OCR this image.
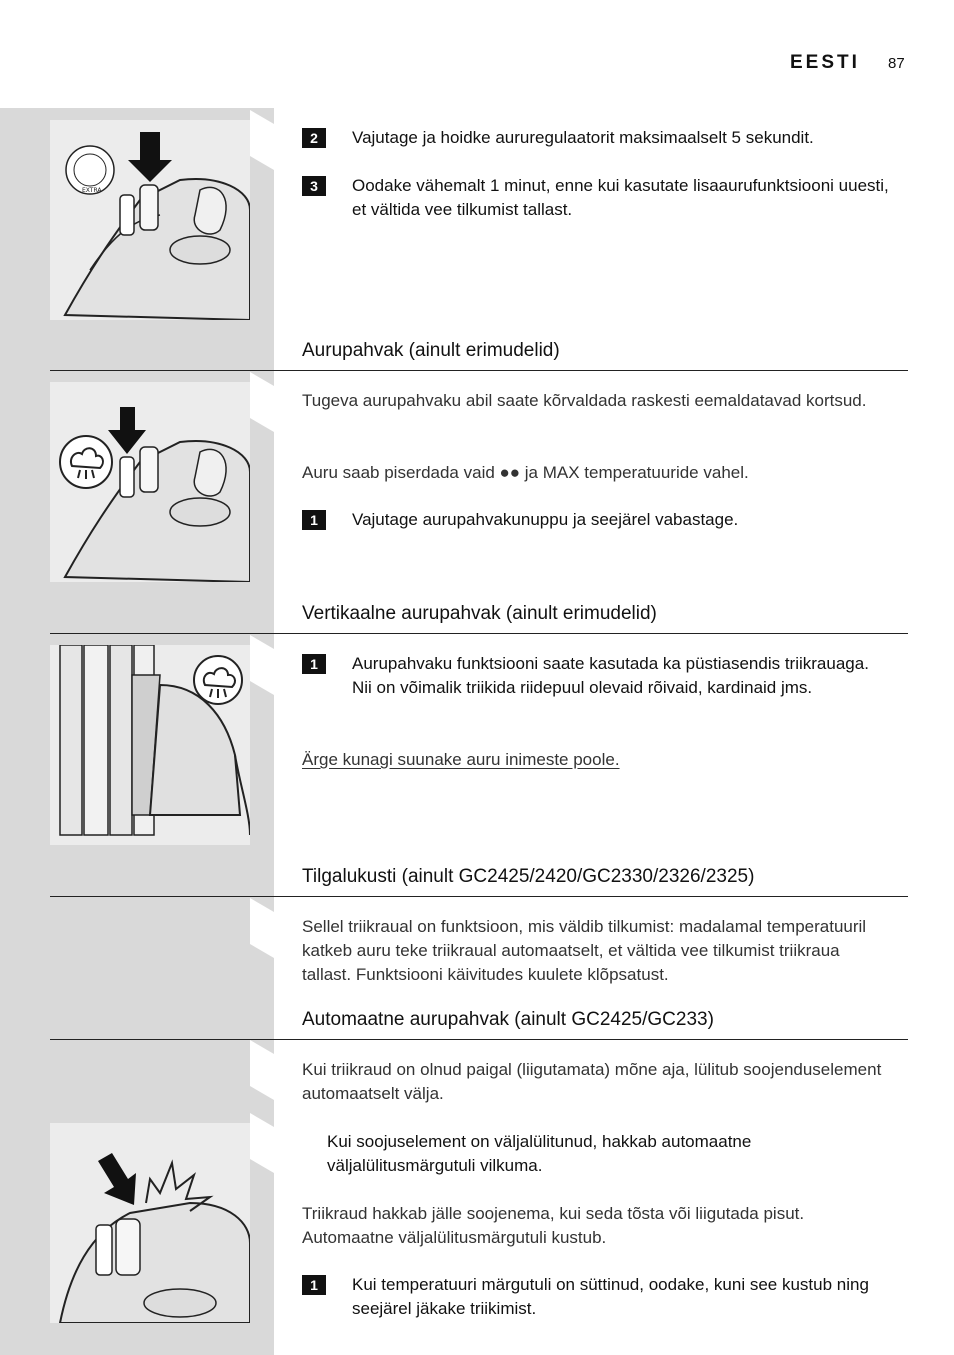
EESTI 87
EXTRA
2	Vajutage ja hoidke aururegulaatorit maksimaalselt 5 sekundit.
3	Oodake vähemalt 1 minut, enne kui kasutate lisaaurufunktsiooni uuesti, et vältida vee tilkumist tallast.
Aurupahvak (ainult erimudelid)
Tugeva aurupahvaku abil saate kõrvaldada raskesti eemaldatavad kortsud.
Auru saab piserdada vaid ●● ja MAX temperatuuride vahel.
1	Vajutage aurupahvakunuppu ja seejärel vabastage.
Vertikaalne aurupahvak (ainult erimudelid)
1	Aurupahvaku funktsiooni saate kasutada ka püstiasendis triikrauaga. Nii on võimalik triikida riidepuul olevaid rõivaid, kardinaid jms.
Ärge kunagi suunake auru inimeste poole.
Tilgalukusti (ainult GC2425/2420/GC2330/2326/2325)
Sellel triikraual on funktsioon, mis väldib tilkumist: madalamal temperatuuril katkeb auru teke triikraual automaatselt, et vältida vee tilkumist triikraua tallast. Funktsiooni käivitudes kuulete klõpsatust.
Automaatne aurupahvak (ainult GC2425/GC233)
Kui triikraud on olnud paigal (liigutamata) mõne aja, lülitub soojenduselement automaatselt välja.
Kui soojuselement on väljalülitunud, hakkab automaatne väljalülitusmärgutuli vilkuma.
Triikraud hakkab jälle soojenema, kui seda tõsta või liigutada pisut. Automaatne väljalülitusmärgutuli kustub.
1	Kui temperatuuri märgutuli on süttinud, oodake, kuni see kustub ning seejärel jäkake triikimist.
